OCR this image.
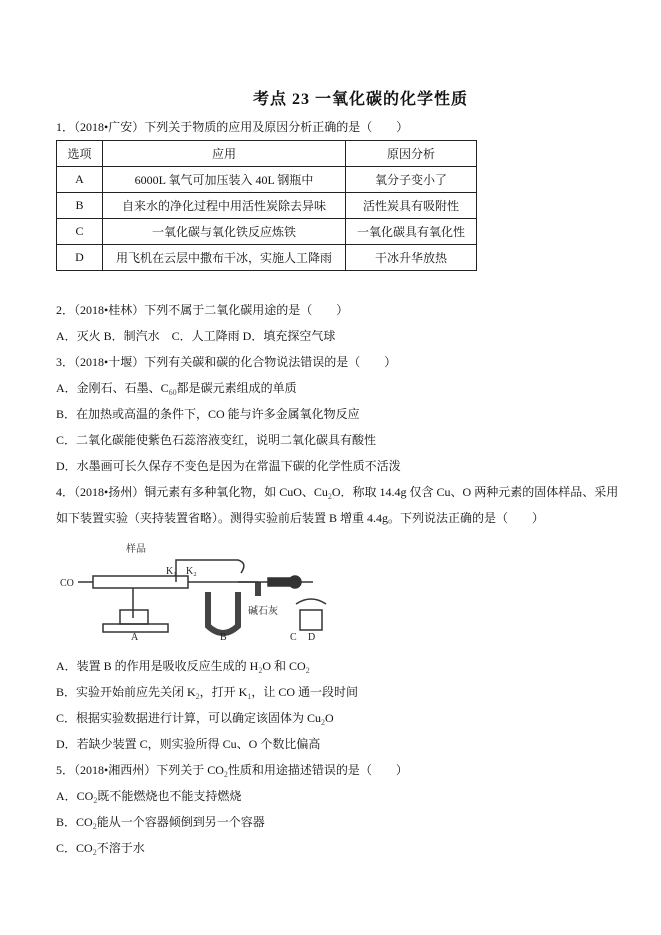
考点 23 一氧化碳的化学性质
1．（2018•广安）下列关于物质的应用及原因分析正确的是（　　）
选项	应用	原因分析
A	6000L 氧气可加压装入 40L 钢瓶中	氧分子变小了
B	自来水的净化过程中用活性炭除去异味	活性炭具有吸附性
C	一氧化碳与氧化铁反应炼铁	一氧化碳具有氧化性
D	用飞机在云层中撒布干冰，实施人工降雨	干冰升华放热
2．（2018•桂林）下列不属于二氧化碳用途的是（　　）
A．灭火 B．制汽水　C．人工降雨 D．填充探空气球
3．（2018•十堰）下列有关碳和碳的化合物说法错误的是（　　）
A．金刚石、石墨、$C_{60}$都是碳元素组成的单质
B．在加热或高温的条件下，CO 能与许多金属氧化物反应
C．二氧化碳能使紫色石蕊溶液变红，说明二氧化碳具有酸性
D．水墨画可长久保存不变色是因为在常温下碳的化学性质不活泼
4．（2018•扬州）铜元素有多种氧化物，如 CuO、$Cu_2O$．称取 14.4g 仅含 Cu、O 两种元素的固体样品、采用
如下装置实验（夹持装置省略）。测得实验前后装置 B 增重 4.4g。下列说法正确的是（　　）
CO
样品
K₁ K₂
碱石灰
A	B	C D
A．装置 B 的作用是吸收反应生成的 $H_2O$ 和 $CO_2$
B．实验开始前应先关闭 $K_2$，打开 $K_1$，让 CO 通一段时间
C．根据实验数据进行计算，可以确定该固体为 $Cu_2O$
D．若缺少装置 C，则实验所得 Cu、O 个数比偏高
5．（2018•湘西州）下列关于 $CO_2$性质和用途描述错误的是（　　）
A．$CO_2$既不能燃烧也不能支持燃烧
B．$CO_2$能从一个容器倾倒到另一个容器
C．$CO_2$不溶于水
